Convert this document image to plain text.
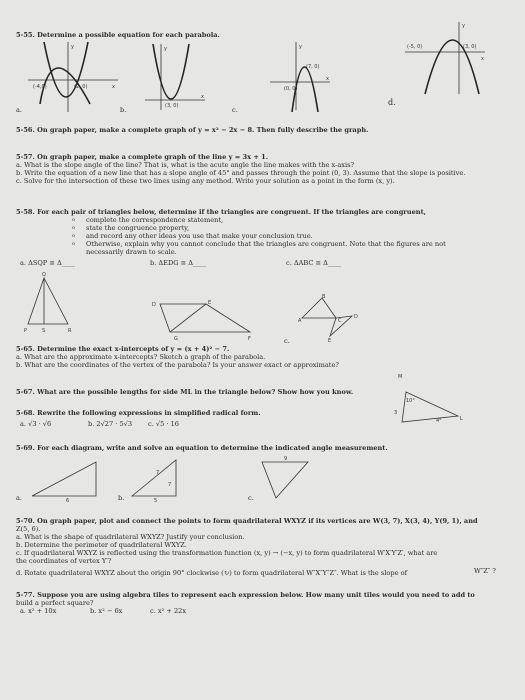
5-55. Determine a possible equation for each parabola.
(-4,0)	(2, 0)	x
y
(3, 0)
x
y
(7, 0)
(0, 0)
x
y	(-5, 0)	(3, 0)
x
y
a.	b.	c.
d.
5-56. On graph paper, make a complete graph of y = x² − 2x − 8. Then fully describe the graph.
5-57. On graph paper, make a complete graph of the line y = 3x + 1.
a. What is the slope angle of the line? That is, what is the acute angle the line makes with the x-axis?
b. Write the equation of a new line that has a slope angle of 45° and passes through the point (0, 3). Assume that the slope is positive.
c. Solve for the intersection of these two lines using any method. Write your solution as a point in the form (x, y).
5-58. For each pair of triangles below, determine if the triangles are congruent. If the triangles are congruent,
o complete the correspondence statement,
o state the congruence property,
o and record any other ideas you use that make your conclusion true.
o Otherwise, explain why you cannot conclude that the triangles are congruent. Note that the figures are not
necessarily drawn to scale.
a. ΔSQP ≅ Δ____	b. ΔEDG ≅ Δ____	c. ΔABC ≅ Δ____
Q
P	S	R
D	E
G	F
A
B
C
D
E
c.
5-65. Determine the exact x-intercepts of y = (x + 4)² − 7.
a. What are the approximate x-intercepts? Sketch a graph of the parabola.
b. What are the coordinates of the vertex of the parabola? Is your answer exact or approximate?
5-67. What are the possible lengths for side ML in the triangle below? Show how you know.
M
L
10°
4°
3
5-68. Rewrite the following expressions in simplified radical form.
a. √3 · √6	b. 2√27 · 5√3 c. √5 · 16
5-69. For each diagram, write and solve an equation to determine the indicated angle measurement.
6
7
7
5
9
a.	b.	c.
5-70. On graph paper, plot and connect the points to form quadrilateral WXYZ if its vertices are W(3, 7), X(3, 4), Y(9, 1), and
Z(5, 6).
a. What is the shape of quadrilateral WXYZ? Justify your conclusion.
b. Determine the perimeter of quadrilateral WXYZ.
c. If quadrilateral WXYZ is reflected using the transformation function (x, y) → (−x, y) to form quadrilateral W′X′Y′Z′, what are
the coordinates of vertex Y′?
d. Rotate quadrilateral WXYZ about the origin 90° clockwise (↻) to form quadrilateral W″X″Y″Z″. What is the slope of	W″Z″ ?
5-77. Suppose you are using algebra tiles to represent each expression below. How many unit tiles would you need to add to
build a perfect square?
a. x² + 10x	b. x² − 6x	c. x² + 22x
